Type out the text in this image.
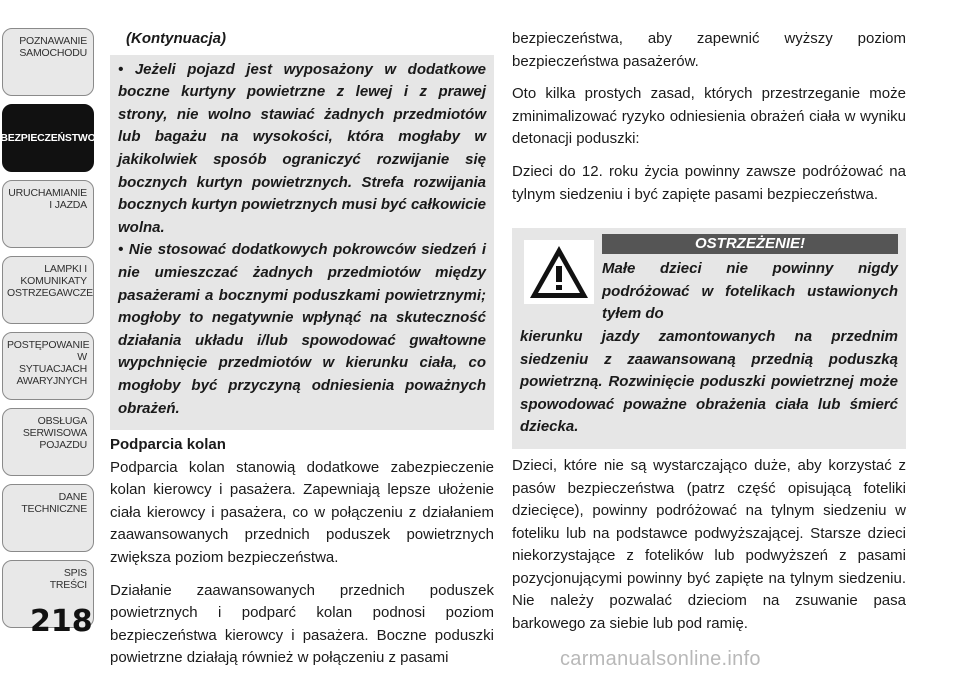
POZNAWANIE
SAMOCHODU
BEZPIECZEŃSTWO
URUCHAMIANIE
I JAZDA
LAMPKI I
KOMUNIKATY
OSTRZEGAWCZE
POSTĘPOWANIE
W SYTUACJACH
AWARYJNYCH
OBSŁUGA
SERWISOWA
POJAZDU
DANE
TECHNICZNE
SPIS
TREŚCI
218
(Kontynuacja)

• Jeżeli pojazd jest wyposażony w dodatkowe boczne kurtyny powietrzne z lewej i z prawej strony, nie wolno stawiać żadnych przedmiotów lub bagażu na wysokości, która mogłaby w jakikolwiek sposób ograniczyć rozwijanie się bocznych kurtyn powietrznych. Strefa rozwijania bocznych kurtyn powietrznych musi być całkowicie wolna.

• Nie stosować dodatkowych pokrowców siedzeń i nie umieszczać żadnych przedmiotów między pasażerami a bocznymi poduszkami powietrznymi; mogłoby to negatywnie wpłynąć na skuteczność działania układu i/lub spowodować gwałtowne wypchnięcie przedmiotów w kierunku ciała, co mogłoby być przyczyną odniesienia poważnych obrażeń.

Podparcia kolan

Podparcia kolan stanowią dodatkowe zabezpieczenie kolan kierowcy i pasażera. Zapewniają lepsze ułożenie ciała kierowcy i pasażera, co w połączeniu z działaniem zaawansowanych przednich poduszek powietrznych zwiększa poziom bezpieczeństwa.

Działanie zaawansowanych przednich poduszek powietrznych i podparć kolan podnosi poziom bezpieczeństwa kierowcy i pasażera. Boczne poduszki powietrzne działają również w połączeniu z pasami

bezpieczeństwa, aby zapewnić wyższy poziom bezpieczeństwa pasażerów.

Oto kilka prostych zasad, których przestrzeganie może zminimalizować ryzyko odniesienia obrażeń ciała w wyniku detonacji poduszki:

Dzieci do 12. roku życia powinny zawsze podróżować na tylnym siedzeniu i być zapięte pasami bezpieczeństwa.

OSTRZEŻENIE!
Małe dzieci nie powinny nigdy podróżować w fotelikach ustawionych tyłem do
kierunku jazdy zamontowanych na przednim siedzeniu z zaawansowaną przednią poduszką powietrzną. Rozwinięcie poduszki powietrznej może spowodować poważne obrażenia ciała lub śmierć dziecka.

Dzieci, które nie są wystarczająco duże, aby korzystać z pasów bezpieczeństwa (patrz część opisującą foteliki dziecięce), powinny podróżować na tylnym siedzeniu w foteliku lub na podstawce podwyższającej. Starsze dzieci niekorzystające z fotelików lub podwyższeń z pasami pozycjonującymi powinny być zapięte na tylnym siedzeniu. Nie należy pozwalać dzieciom na zsuwanie pasa barkowego za siebie lub pod ramię.

carmanualsonline.info
